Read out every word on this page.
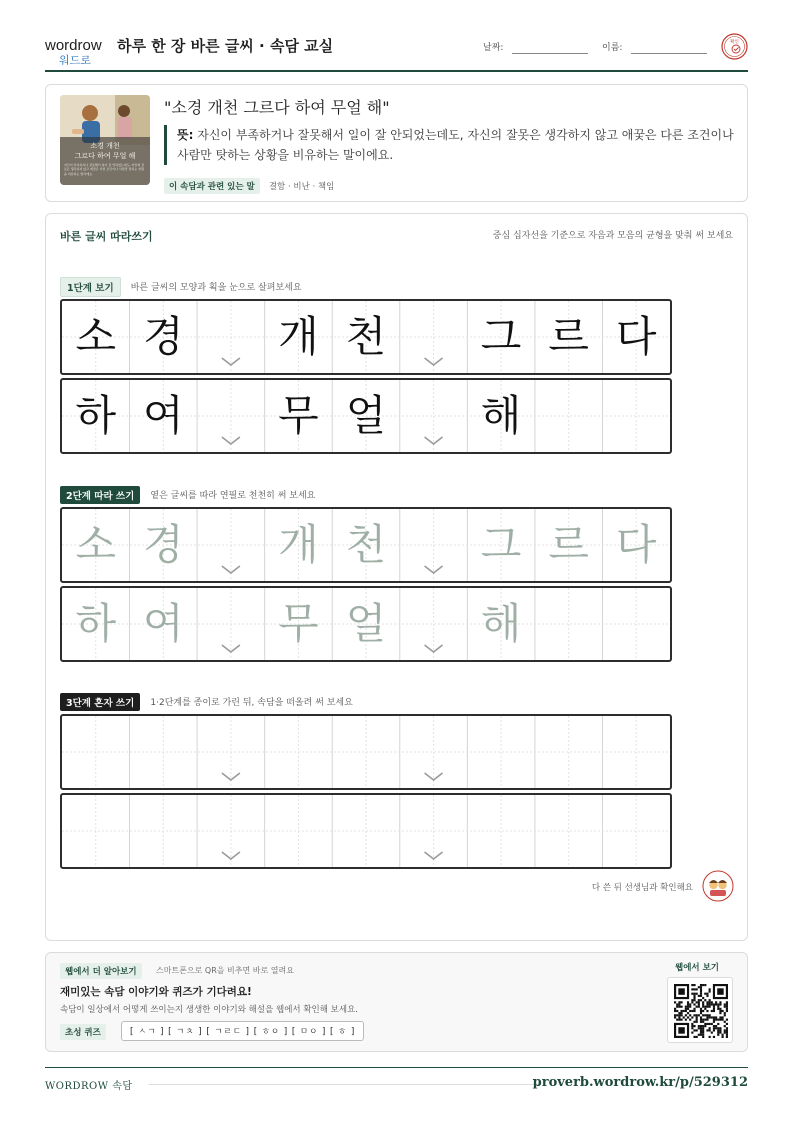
wordrow
워드로
하루 한 장 바른 글씨 · 속담 교실	날짜:	이름:
확인
소경 개천
그르다 하여 무얼 해
자신이 부족하거나 잘못해서 일이 잘 안되었는데도, 자신의 잘못은 생각하지 않고 애꿎은 다른 조건이나 사람만 탓하는 상황을 비유하는 말이에요.
"소경 개천 그르다 하여 무얼 해"
뜻: 자신이 부족하거나 잘못해서 일이 잘 안되었는데도, 자신의 잘못은 생각하지 않고 애꿎은 다른 조건이나 사람만 탓하는 상황을 비유하는 말이에요.
이 속담과 관련 있는 말 결함 · 비난 · 책임
바른 글씨 따라쓰기	중심 십자선을 기준으로 자음과 모음의 균형을 맞춰 써 보세요
1단계 보기 바른 글씨의 모양과 획을 눈으로 살펴보세요
소 경	개 천	그 르 다
하 여	무 얼	해
2단계 따라 쓰기 옅은 글씨를 따라 연필로 천천히 써 보세요
소 경	개 천	그 르 다
하 여	무 얼	해
3단계 혼자 쓰기 1·2단계를 종이로 가린 뒤, 속담을 떠올려 써 보세요
다 쓴 뒤 선생님과 확인해요
웹에서 더 알아보기	스마트폰으로 QR을 비추면 바로 열려요
재미있는 속담 이야기와 퀴즈가 기다려요!
속담이 일상에서 어떻게 쓰이는지 생생한 이야기와 해설을 웹에서 확인해 보세요.
초성 퀴즈	[ ㅅㄱ ] [ ㄱㅊ ] [ ㄱㄹㄷ ] [ ㅎㅇ ] [ ㅁㅇ ] [ ㅎ ]
웹에서 보기
WORDROW 속담	proverb.wordrow.kr/p/529312
